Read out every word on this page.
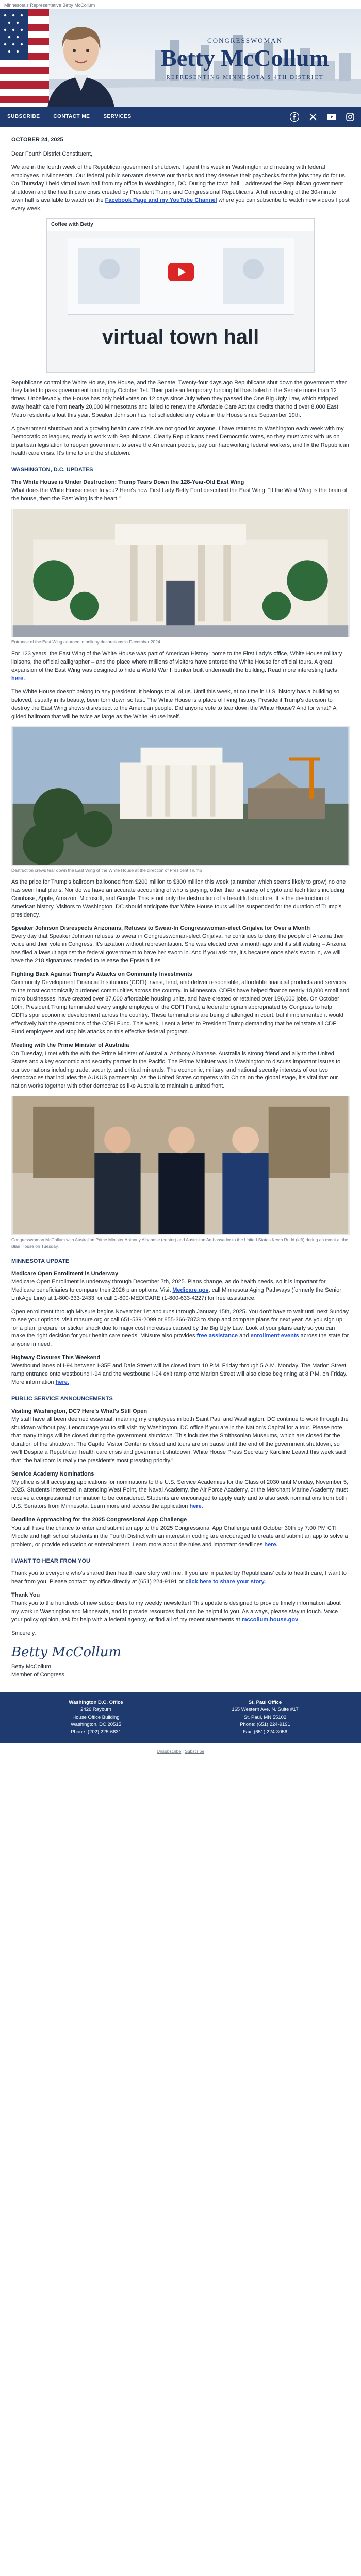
Minnesota's Representative Betty McCollum
CONGRESSWOMAN
Betty McCollum
REPRESENTING MINNESOTA'S 4TH DISTRICT
SUBSCRIBE	CONTACT ME	SERVICES
OCTOBER 24, 2025

Dear Fourth District Constituent,

We are in the fourth week of the Republican government shutdown. I spent this week in Washington and meeting with federal employees in Minnesota. Our federal public servants deserve our thanks and they deserve their paychecks for the jobs they do for us. On Thursday I held virtual town hall from my office in Washington, DC. During the town hall, I addressed the Republican government shutdown and the health care crisis created by President Trump and Congressional Republicans. A full recording of the 30-minute town hall is available to watch on the Facebook Page and my YouTube Channel where you can subscribe to watch new videos I post every week.

Coffee with Betty
virtual town hall

Republicans control the White House, the House, and the Senate. Twenty-four days ago Republicans shut down the government after they failed to pass government funding by October 1st. Their partisan temporary funding bill has failed in the Senate more than 12 times. Unbelievably, the House has only held votes on 12 days since July when they passed the One Big Ugly Law, which stripped away health care from nearly 20,000 Minnesotans and failed to renew the Affordable Care Act tax credits that hold over 8,000 East Metro residents afloat this year. Speaker Johnson has not scheduled any votes in the House since September 19th.

A government shutdown and a growing health care crisis are not good for anyone. I have returned to Washington each week with my Democratic colleagues, ready to work with Republicans. Clearly Republicans need Democratic votes, so they must work with us on bipartisan legislation to reopen government to serve the American people, pay our hardworking federal workers, and fix the Republican health care crisis. It's time to end the shutdown.

WASHINGTON, D.C. UPDATES
The White House is Under Destruction: Trump Tears Down the 128-Year-Old East Wing

What does the White House mean to you? Here's how First Lady Betty Ford described the East Wing: "If the West Wing is the brain of the house, then the East Wing is the heart."

Entrance of the East Wing adorned in holiday decorations in December 2024.

For 123 years, the East Wing of the White House was part of American History: home to the First Lady's office, White House military liaisons, the official calligrapher – and the place where millions of visitors have entered the White House for official tours. A great expansion of the East Wing was designed to hide a World War II bunker built underneath the building. Read more interesting facts here.

The White House doesn't belong to any president. It belongs to all of us. Until this week, at no time in U.S. history has a building so beloved, usually in its beauty, been torn down so fast. The White House is a place of living history. President Trump's decision to destroy the East Wing shows disrespect to the American people. Did anyone vote to tear down the White House? And for what? A gilded ballroom that will be twice as large as the White House itself.

Destruction crews tear down the East Wing of the White House at the direction of President Trump

As the price for Trump's ballroom ballooned from $200 million to $300 million this week (a number which seems likely to grow) no one has seen final plans. Nor do we have an accurate accounting of who is paying, other than a variety of crypto and tech titans including Coinbase, Apple, Amazon, Microsoft, and Google. This is not only the destruction of a beautiful structure. It is the destruction of American history. Visitors to Washington, DC should anticipate that White House tours will be suspended for the duration of Trump's presidency.

Speaker Johnson Disrespects Arizonans, Refuses to Swear-In Congresswoman-elect Grijalva for Over a Month

Every day that Speaker Johnson refuses to swear in Congresswoman-elect Grijalva, he continues to deny the people of Arizona their voice and their vote in Congress. It's taxation without representation. She was elected over a month ago and it's still waiting – Arizona has filed a lawsuit against the federal government to have her sworn in. And if you ask me, it's because once she's sworn in, we will have the 218 signatures needed to release the Epstein files.

Fighting Back Against Trump's Attacks on Community Investments

Community Development Financial Institutions (CDFI) invest, lend, and deliver responsible, affordable financial products and services to the most economically burdened communities across the country. In Minnesota, CDFIs have helped finance nearly 18,000 small and micro businesses, have created over 37,000 affordable housing units, and have created or retained over 196,000 jobs. On October 10th, President Trump terminated every single employee of the CDFI Fund, a federal program appropriated by Congress to help CDFIs spur economic development across the country. These terminations are being challenged in court, but if implemented it would effectively halt the operations of the CDFI Fund. This week, I sent a letter to President Trump demanding that he reinstate all CDFI Fund employees and stop his attacks on this effective federal program.

Meeting with the Prime Minister of Australia

On Tuesday, I met with the with the Prime Minister of Australia, Anthony Albanese. Australia is strong friend and ally to the United States and a key economic and security partner in the Pacific. The Prime Minister was in Washington to discuss important issues to our two nations including trade, security, and critical minerals. The economic, military, and national security interests of our two democracies that includes the AUKUS partnership. As the United States competes with China on the global stage, it's vital that our nation works together with other democracies like Australia to maintain a united front.

Congresswoman McCollum with Australian Prime Minister Anthony Albanese (center) and Australian Ambassador to the United States Kevin Rudd (left) during an event at the Blair House on Tuesday.
MINNESOTA UPDATE
Medicare Open Enrollment is Underway

Medicare Open Enrollment is underway through December 7th, 2025. Plans change, as do health needs, so it is important for Medicare beneficiaries to compare their 2026 plan options. Visit Medicare.gov, call Minnesota Aging Pathways (formerly the Senior LinkAge Line) at 1-800-333-2433, or call 1-800-MEDICARE (1-800-633-4227) for free assistance.

Open enrollment through MNsure begins November 1st and runs through January 15th, 2025. You don't have to wait until next Sunday to see your options; visit mnsure.org or call 651-539-2099 or 855-366-7873 to shop and compare plans for next year. As you sign up for a plan, prepare for sticker shock due to major cost increases caused by the Big Ugly Law. Look at your plans early so you can make the right decision for your health care needs. MNsure also provides free assistance and enrollment events across the state for anyone in need.

Highway Closures This Weekend

Westbound lanes of I-94 between I-35E and Dale Street will be closed from 10 P.M. Friday through 5 A.M. Monday. The Marion Street ramp entrance onto westbound I-94 and the westbound I-94 exit ramp onto Marion Street will also close beginning at 8 P.M. on Friday. More information here.

PUBLIC SERVICE ANNOUNCEMENTS
Visiting Washington, DC? Here's What's Still Open

My staff have all been deemed essential, meaning my employees in both Saint Paul and Washington, DC continue to work through the shutdown without pay. I encourage you to still visit my Washington, DC office if you are in the Nation's Capital for a tour. Please note that many things will be closed during the government shutdown. This includes the Smithsonian Museums, which are closed for the duration of the shutdown. The Capitol Visitor Center is closed and tours are on pause until the end of the government shutdown, so we'll Despite a Republican health care crisis and government shutdown, White House Press Secretary Karoline Leavitt this week said that "the ballroom is really the president's most pressing priority."

Service Academy Nominations

My office is still accepting applications for nominations to the U.S. Service Academies for the Class of 2030 until Monday, November 5, 2025. Students interested in attending West Point, the Naval Academy, the Air Force Academy, or the Merchant Marine Academy must receive a congressional nomination to be considered. Students are encouraged to apply early and to also seek nominations from both U.S. Senators from Minnesota. Learn more and access the application here.

Deadline Approaching for the 2025 Congressional App Challenge

You still have the chance to enter and submit an app to the 2025 Congressional App Challenge until October 30th by 7:00 PM CT! Middle and high school students in the Fourth District with an interest in coding are encouraged to create and submit an app to solve a problem, or provide education or entertainment. Learn more about the rules and important deadlines here.

I WANT TO HEAR FROM YOU

Thank you to everyone who's shared their health care story with me. If you are impacted by Republicans' cuts to health care, I want to hear from you. Please contact my office directly at (651) 224-9191 or click here to share your story.

Thank You

Thank you to the hundreds of new subscribers to my weekly newsletter! This update is designed to provide timely information about my work in Washington and Minnesota, and to provide resources that can be helpful to you. As always, please stay in touch. Voice your policy opinion, ask for help with a federal agency, or find all of my recent statements at mccollum.house.gov

Sincerely,

Betty McCollum
Betty McCollum
Member of Congress
Washington D.C. Office
2426 Rayburn
House Office Building
Washington, DC 20515
Phone: (202) 225-6631
St. Paul Office
165 Western Ave. N. Suite #17
St. Paul, MN 55102
Phone: (651) 224-9191
Fax: (651) 224-3056
Unsubscribe | Subscribe
